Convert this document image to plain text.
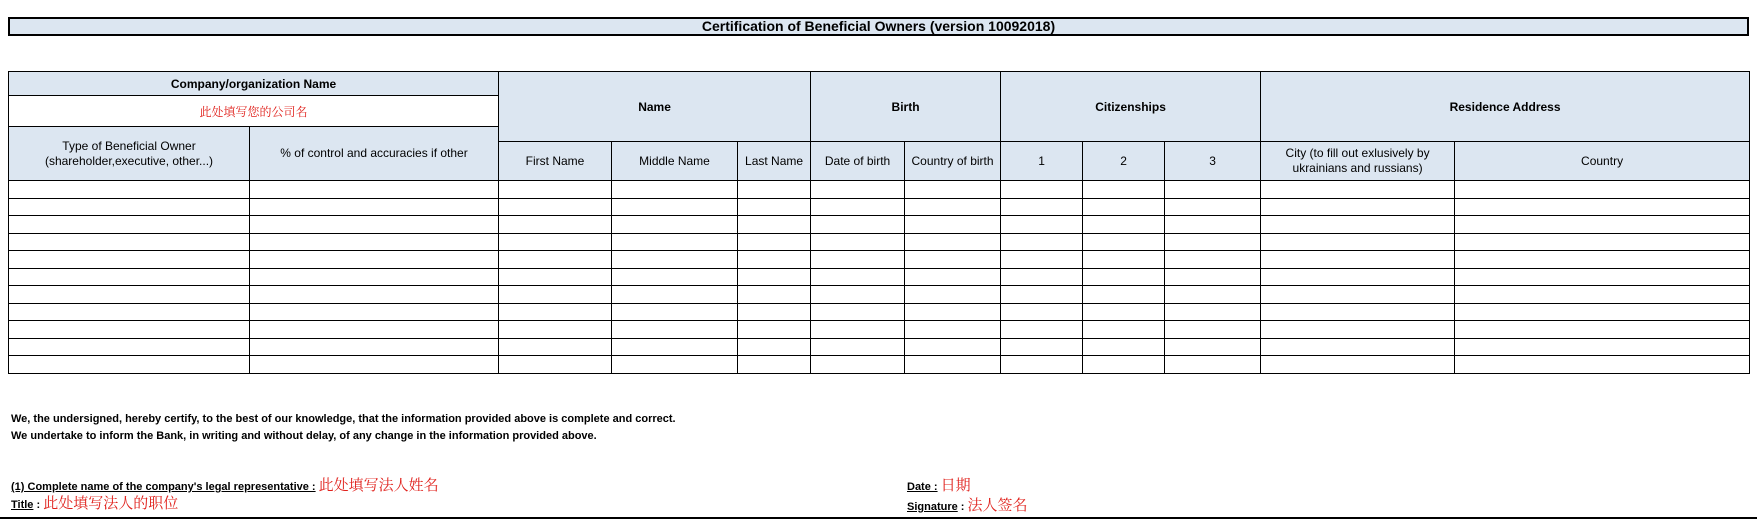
Certification of Beneficial Owners (version 10092018)
Company/organization Name		Name			Birth		Citizenships			Residence Address	
此处填写您的公司名											
Type of Beneficial Owner (shareholder,executive, other...)	% of control and accuracies if other										
		First Name	Middle Name	Last Name	Date of birth	Country of birth	1	2	3	City (to fill out exlusively by ukrainians and russians)	Country

We, the undersigned, hereby certify, to the best of our knowledge, that the information provided above is complete and correct.
We undertake to inform the Bank, in writing and without delay, of any change in the information provided above.
(1) Complete name of the company's legal representative : 此处填写法人姓名
Title : 此处填写法人的职位
Date : 日期
Signature : 法人签名
